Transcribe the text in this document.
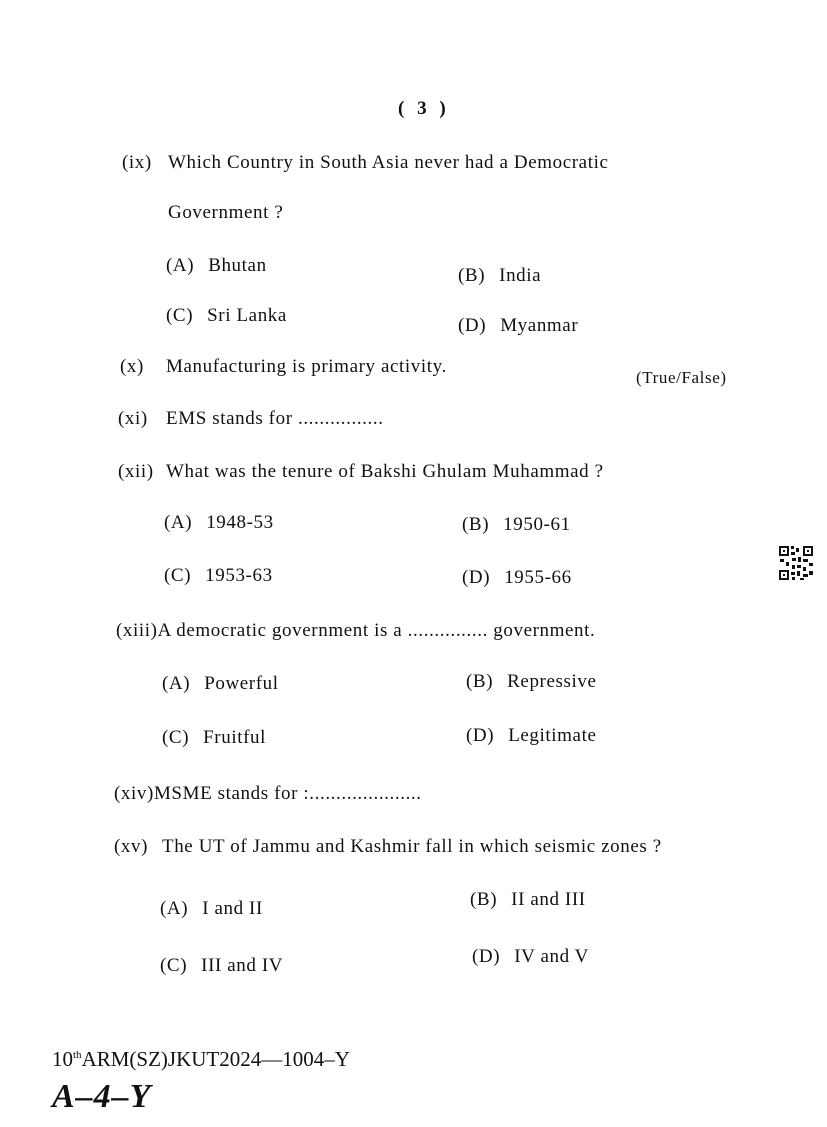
( 3 )
(ix) Which Country in South Asia never had a Democratic
Government ?
(A) Bhutan	(B) India
(C) Sri Lanka	(D) Myanmar
(x) Manufacturing is primary activity.
(True/False)
(xi) EMS stands for ................
(xii) What was the tenure of Bakshi Ghulam Muhammad ?
(A) 1948-53	(B) 1950-61
(C) 1953-63	(D) 1955-66
(xiii)A democratic government is a ............... government.
(A) Powerful	(B) Repressive
(C) Fruitful	(D) Legitimate
(xiv)MSME stands for :.....................
(xv) The UT of Jammu and Kashmir fall in which seismic zones ?
(A) I and II	(B) II and III
(C) III and IV	(D) IV and V
10thARM(SZ)JKUT2024—1004–Y
A–4–Y
